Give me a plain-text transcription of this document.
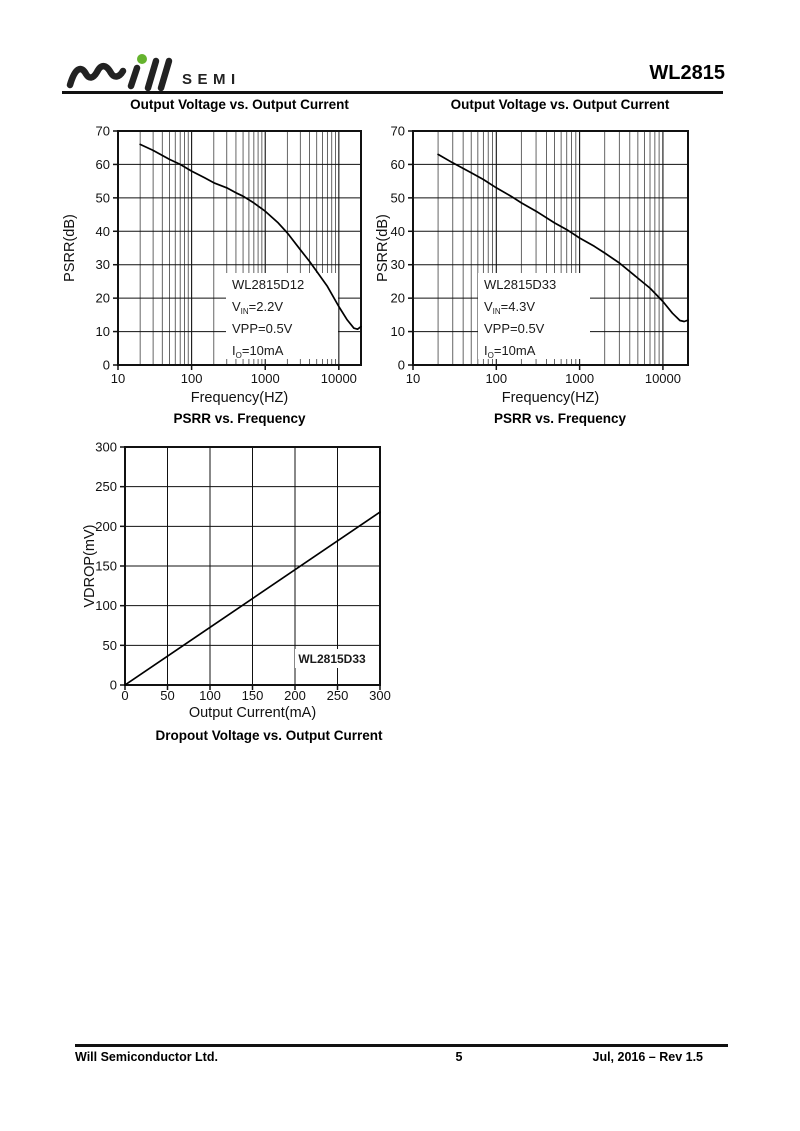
SEMI	WL2815
Output Voltage vs. Output Current
0
10
20
30
40
50
60
70
10	100	1000	10000
Frequency(HZ)
PSRR(dB)
WL2815D12
$V_{IN}=2.2V$
VPP=0.5V
$I_O=10mA$
PSRR vs. Frequency
Output Voltage vs. Output Current
0
10
20
30
40
50
60
70
10	100	1000	10000
Frequency(HZ)
PSRR(dB)
WL2815D33
$V_{IN}=4.3V$
VPP=0.5V
$I_O=10mA$
PSRR vs. Frequency
0
50
100
150
200
250
300
0 50 100 150 200 250 300
Output Current(mA)
VDROP(mV)
WL2815D33
Dropout Voltage vs. Output Current
Will Semiconductor Ltd.	5	Jul, 2016 – Rev 1.5
